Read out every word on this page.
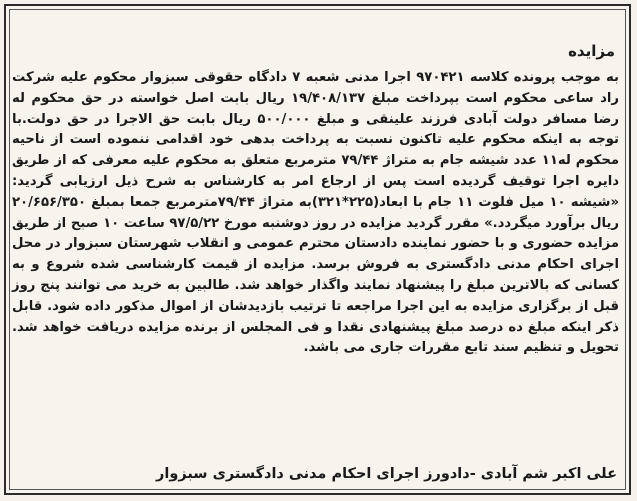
مزایده

به موجب پرونده کلاسه ۹۷۰۴۲۱ اجرا مدنی شعبه ۷ دادگاه حقوقی سبزوار محکوم علیه شرکت راد ساعی محکوم است بپرداخت مبلغ ۱۹/۴۰۸/۱۳۷ ریال بابت اصل خواسته در حق محکوم له رضا مسافر دولت آبادی فرزند علینقی و مبلغ ۵۰۰/۰۰۰ ریال بابت حق الاجرا در حق دولت.با توجه به اینکه محکوم علیه تاکنون نسبت به پرداخت بدهی خود اقدامی ننموده است از ناحیه محکوم له۱۱ عدد شیشه جام به متراژ ۷۹/۴۴ مترمربع متعلق به محکوم علیه معرفی که از طریق دایره اجرا توقیف گردیده است پس از ارجاع امر به کارشناس به شرح ذیل ارزیابی گردید: «شیشه ۱۰ میل فلوت ۱۱ جام با ابعاد(۲۲۵*۳۲۱)به متراژ ۷۹/۴۴مترمربع جمعا بمبلغ ۲۰/۶۵۶/۳۵۰ ریال برآورد میگردد.» مقرر گردید مزایده در روز دوشنبه مورخ ۹۷/۵/۲۲ ساعت ۱۰ صبح از طریق مزایده حضوری و با حضور نماینده دادستان محترم عمومی و انقلاب شهرستان سبزوار در محل اجرای احکام مدنی دادگستری به فروش برسد. مزایده از قیمت کارشناسی شده شروع و به کسانی که بالاترین مبلغ را پیشنهاد نمایند واگذار خواهد شد. طالبین به خرید می توانند پنج روز قبل از برگزاری مزایده به این اجرا مراجعه تا ترتیب بازدیدشان از اموال مذکور داده شود. قابل ذکر اینکه مبلغ ده درصد مبلغ پیشنهادی نقدا و فی المجلس از برنده مزایده دریافت خواهد شد. تحویل و تنظیم سند تابع مقررات جاری می باشد.

علی اکبر شم آبادی -دادورز اجرای احکام مدنی دادگستری سبزوار
